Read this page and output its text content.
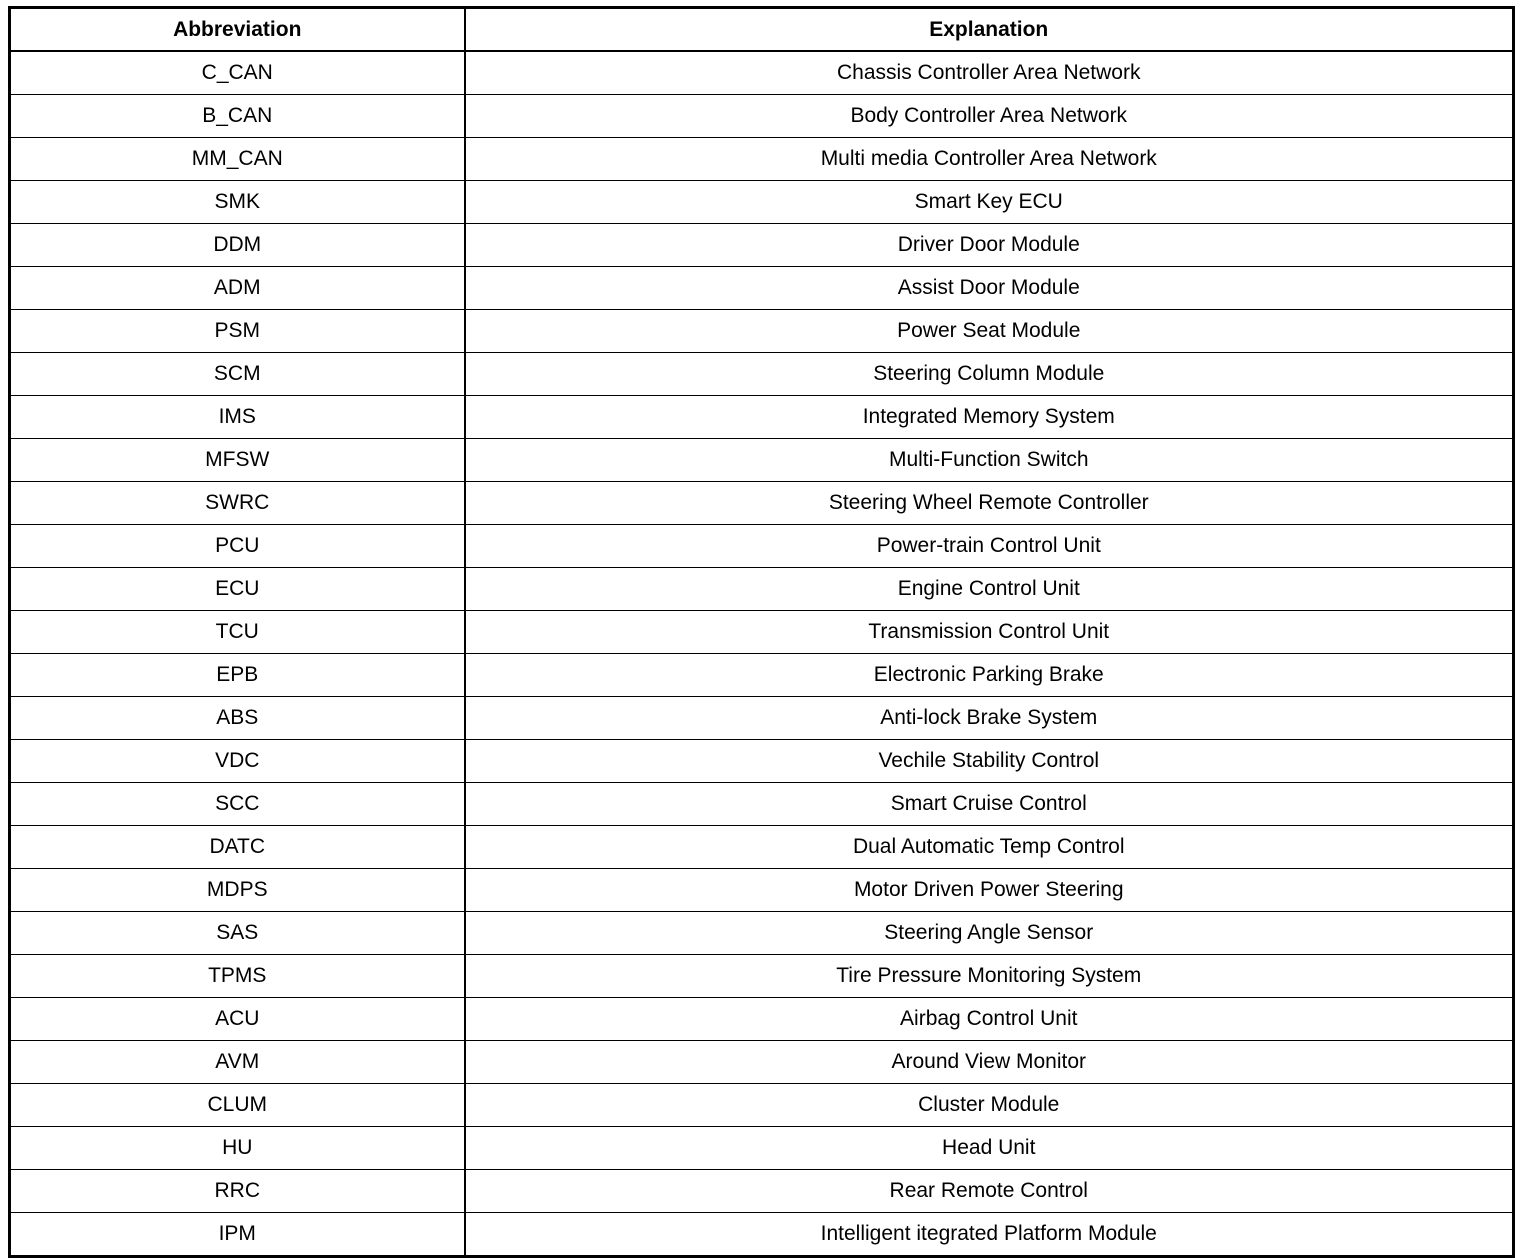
Abbreviation	Explanation
C_CAN	Chassis Controller Area Network
B_CAN	Body Controller Area Network
MM_CAN	Multi media Controller Area Network
SMK	Smart Key ECU
DDM	Driver Door Module
ADM	Assist Door Module
PSM	Power Seat Module
SCM	Steering Column Module
IMS	Integrated Memory System
MFSW	Multi-Function Switch
SWRC	Steering Wheel Remote Controller
PCU	Power-train Control Unit
ECU	Engine Control Unit
TCU	Transmission Control Unit
EPB	Electronic Parking Brake
ABS	Anti-lock Brake System
VDC	Vechile Stability Control
SCC	Smart Cruise Control
DATC	Dual Automatic Temp Control
MDPS	Motor Driven Power Steering
SAS	Steering Angle Sensor
TPMS	Tire Pressure Monitoring System
ACU	Airbag Control Unit
AVM	Around View Monitor
CLUM	Cluster Module
HU	Head Unit
RRC	Rear Remote Control
IPM	Intelligent itegrated Platform Module
